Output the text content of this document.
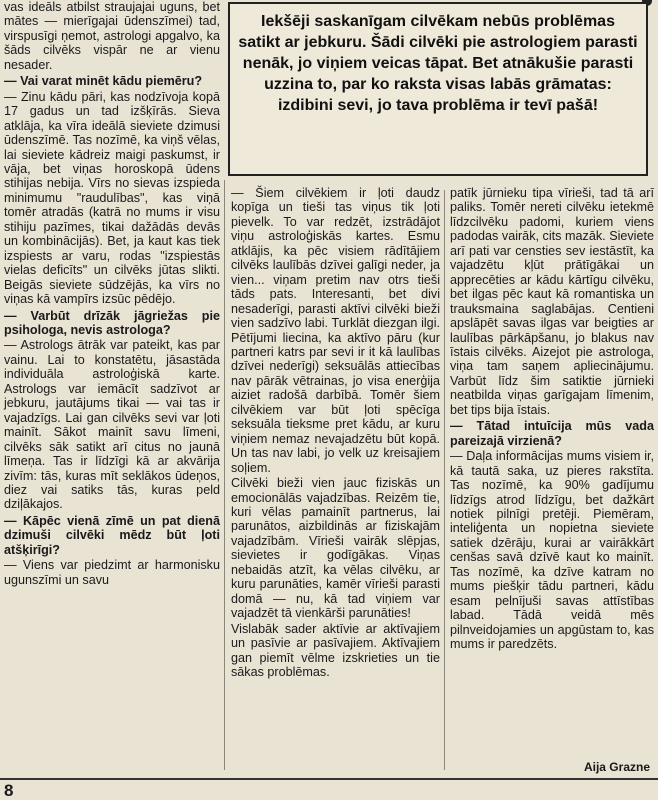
Iekšēji saskanīgam cilvēkam nebūs problēmas satikt ar jebkuru. Šādi cilvēki pie astrologiem parasti nenāk, jo viņiem veicas tāpat. Bet atnākušie parasti uzzina to, par ko raksta visas labās grāmatas: izdibini sevi, jo tava problēma ir tevī pašā!

vas ideāls atbilst straujajai uguns, bet mātes — mierīgajai ūdenszīmei) tad, virspusīgi ņemot, astrologi apgalvo, ka šāds cilvēks vispār ne ar vienu nesader.

— Vai varat minēt kādu piemēru?

— Zinu kādu pāri, kas nodzīvoja kopā 17 gadus un tad izšķīrās. Sieva atklāja, ka vīra ideālā sieviete dzimusi ūdenszīmē. Tas nozīmē, ka viņš vēlas, lai sieviete kādreiz maigi paskumst, ir vāja, bet viņas horoskopā ūdens stihijas nebija. Vīrs no sievas izspieda minimumu "raudulības", kas viņā tomēr atradās (katrā no mums ir visu stihiju pazīmes, tikai dažādās devās un kombinācijās). Bet, ja kaut kas tiek izspiests ar varu, rodas "izspiestās vielas deficīts" un cilvēks jūtas slikti. Beigās sieviete sūdzējās, ka vīrs no viņas kā vampīrs izsūc pēdējo.

— Varbūt drīzāk jāgriežas pie psihologa, nevis astrologa?

— Astrologs ātrāk var pateikt, kas par vainu. Lai to konstatētu, jāsastāda individuāla astroloģiskā karte. Astrologs var iemācīt sadzīvot ar jebkuru, jautājums tikai — vai tas ir vajadzīgs. Lai gan cilvēks sevi var ļoti mainīt. Sākot mainīt savu līmeni, cilvēks sāk satikt arī citus no jaunā līmeņa. Tas ir līdzīgi kā ar akvārija zivīm: tās, kuras mīt seklākos ūdeņos, diez vai satiks tās, kuras peld dziļākajos.

— Kāpēc vienā zīmē un pat dienā dzimuši cilvēki mēdz būt ļoti atšķirīgi?

— Viens var piedzimt ar harmonisku ugunszīmi un savu

— Šiem cilvēkiem ir ļoti daudz kopīga un tieši tas viņus tik ļoti pievelk. To var redzēt, izstrādājot viņu astroloģiskās kartes. Esmu atklājis, ka pēc visiem rādītājiem cilvēks laulībās dzīvei galīgi neder, ja vien... viņam pretim nav otrs tieši tāds pats. Interesanti, bet divi nesaderīgi, parasti aktīvi cilvēki bieži vien sadzīvo labi. Turklāt diezgan ilgi. Pētījumi liecina, ka aktīvo pāru (kur partneri katrs par sevi ir it kā laulības dzīvei nederīgi) seksuālās attiecības nav pārāk vētrainas, jo visa enerģija aiziet radošā darbībā. Tomēr šiem cilvēkiem var būt ļoti spēcīga seksuāla tieksme pret kādu, ar kuru viņiem nemaz nevajadzētu būt kopā. Un tas nav labi, jo velk uz kreisajiem soļiem.

Cilvēki bieži vien jauc fiziskās un emocionālās vajadzības. Reizēm tie, kuri vēlas pamainīt partnerus, lai parunātos, aizbildinās ar fiziskajām vajadzībām. Vīrieši vairāk slēpjas, sievietes ir godīgākas. Viņas nebaidās atzīt, ka vēlas cilvēku, ar kuru parunāties, kamēr vīrieši parasti domā — nu, kā tad viņiem var vajadzēt tā vienkārši parunāties!

Vislabāk sader aktīvie ar aktīvajiem un pasīvie ar pasīvajiem. Aktīvajiem gan piemīt vēlme izskrieties un tie sākas problēmas.

patīk jūrnieku tipa vīrieši, tad tā arī paliks. Tomēr nereti cilvēku ietekmē līdzcilvēku padomi, kuriem viens padodas vairāk, cits mazāk. Sieviete arī pati var censties sev iestāstīt, ka vajadzētu kļūt prātīgākai un apprecēties ar kādu kārtīgu cilvēku, bet ilgas pēc kaut kā romantiska un trauksmaina saglabājas. Centieni apslāpēt savas ilgas var beigties ar laulības pārkāpšanu, jo blakus nav īstais cilvēks. Aizejot pie astrologa, viņa tam saņem apliecinājumu. Varbūt līdz šim satiktie jūrnieki neatbilda viņas garīgajam līmenim, bet tips bija īstais.

— Tātad intuīcija mūs vada pareizajā virzienā?

— Daļa informācijas mums visiem ir, kā tautā saka, uz pieres rakstīta. Tas nozīmē, ka 90% gadījumu līdzīgs atrod līdzīgu, bet dažkārt notiek pilnīgi pretēji. Piemēram, inteliģenta un nopietna sieviete satiek dzērāju, kurai ar vairākkārt cenšas savā dzīvē kaut ko mainīt. Tas nozīmē, ka dzīve katram no mums piešķir tādu partneri, kādu esam pelnījuši savas attīstības labad. Tādā veidā mēs pilnveidojamies un apgūstam to, kas mums ir paredzēts.

Aija Grazne
8
